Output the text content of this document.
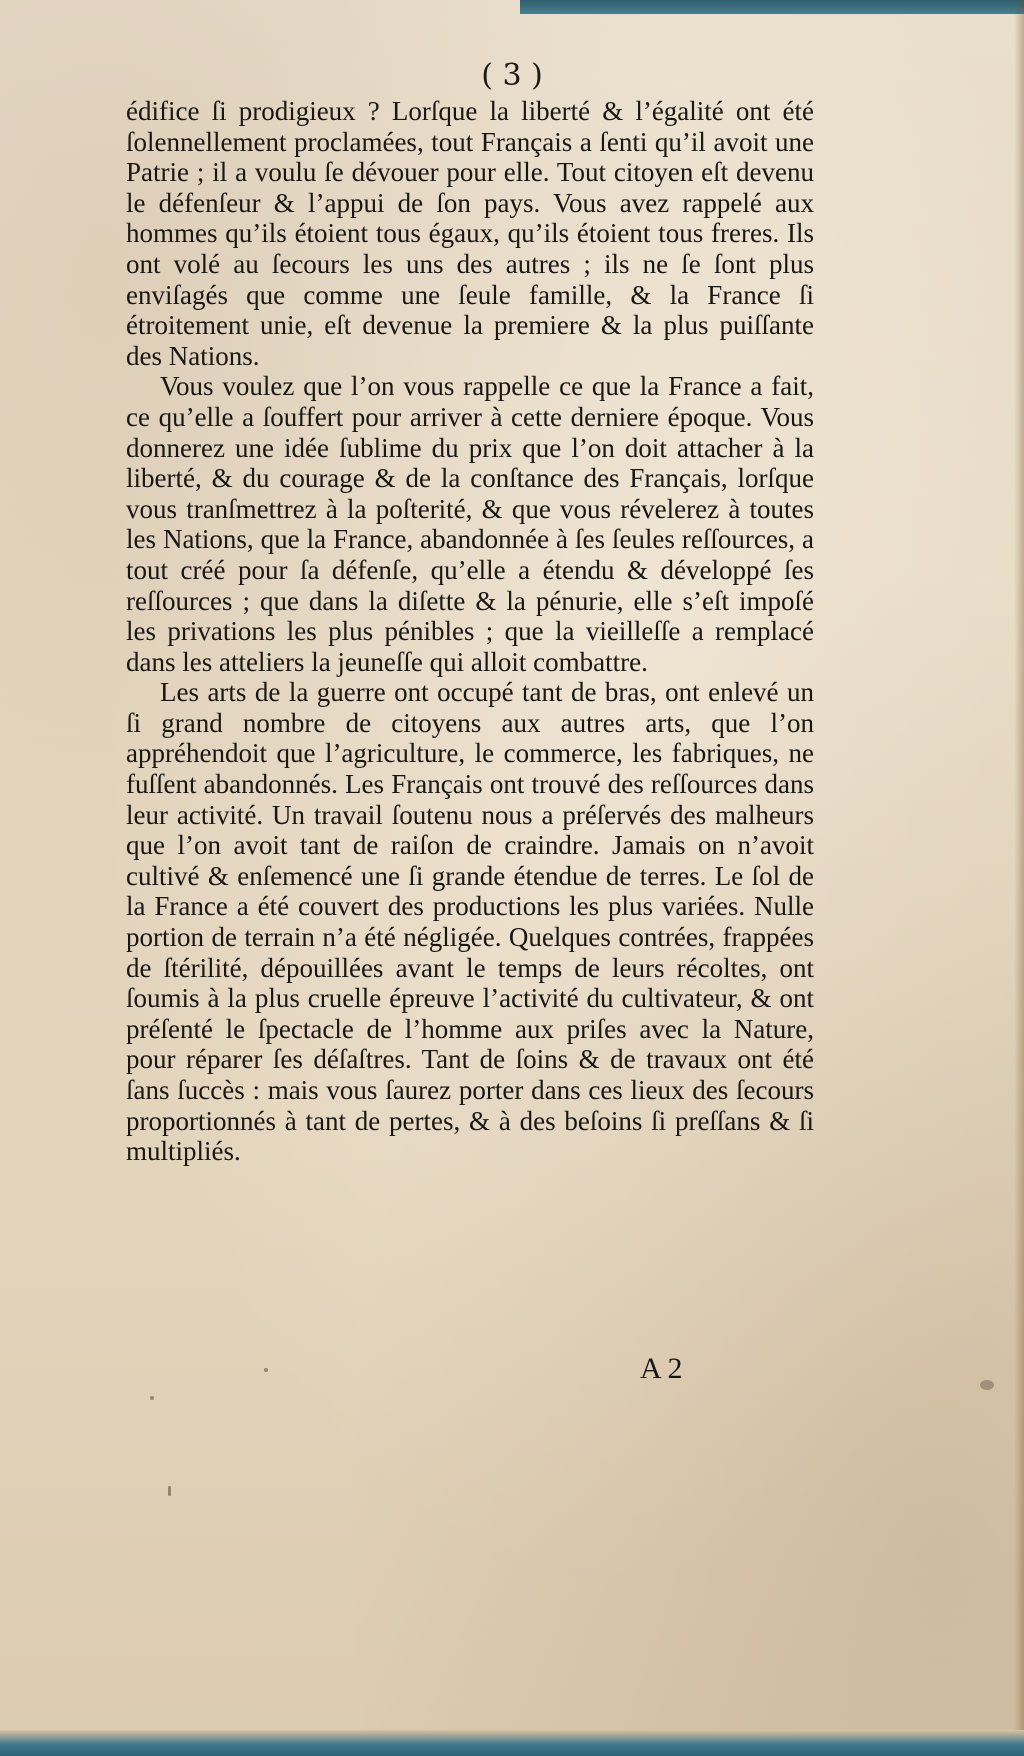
( 3 )

édifice ſi prodigieux ? Lorſque la liberté & l’égalité ont été ſolennellement proclamées, tout Français a ſenti qu’il avoit une Patrie ; il a voulu ſe dévouer pour elle. Tout citoyen eſt devenu le défenſeur & l’appui de ſon pays. Vous avez rappelé aux hommes qu’ils étoient tous égaux, qu’ils étoient tous freres. Ils ont volé au ſecours les uns des autres ; ils ne ſe ſont plus enviſagés que comme une ſeule famille, & la France ſi étroitement unie, eſt devenue la premiere & la plus puiſſante des Nations.

Vous voulez que l’on vous rappelle ce que la France a fait, ce qu’elle a ſouffert pour arriver à cette derniere époque. Vous donnerez une idée ſublime du prix que l’on doit attacher à la liberté, & du courage & de la conſtance des Français, lorſque vous tranſmettrez à la poſterité, & que vous révelerez à toutes les Nations, que la France, abandonnée à ſes ſeules reſſources, a tout créé pour ſa défenſe, qu’elle a étendu & développé ſes reſſources ; que dans la diſette & la pénurie, elle s’eſt impoſé les privations les plus pénibles ; que la vieilleſſe a remplacé dans les atteliers la jeuneſſe qui alloit combattre.

Les arts de la guerre ont occupé tant de bras, ont enlevé un ſi grand nombre de citoyens aux autres arts, que l’on appréhendoit que l’agriculture, le commerce, les fabriques, ne fuſſent abandonnés. Les Français ont trouvé des reſſources dans leur activité. Un travail ſoutenu nous a préſervés des malheurs que l’on avoit tant de raiſon de craindre. Jamais on n’avoit cultivé & enſemencé une ſi grande étendue de terres. Le ſol de la France a été couvert des productions les plus variées. Nulle portion de terrain n’a été négligée. Quelques contrées, frappées de ſtérilité, dépouillées avant le temps de leurs récoltes, ont ſoumis à la plus cruelle épreuve l’activité du cultivateur, & ont préſenté le ſpectacle de l’homme aux priſes avec la Nature, pour réparer ſes déſaſtres. Tant de ſoins & de travaux ont été ſans ſuccès : mais vous ſaurez porter dans ces lieux des ſecours proportionnés à tant de pertes, & à des beſoins ſi preſſans & ſi multipliés.

A 2
